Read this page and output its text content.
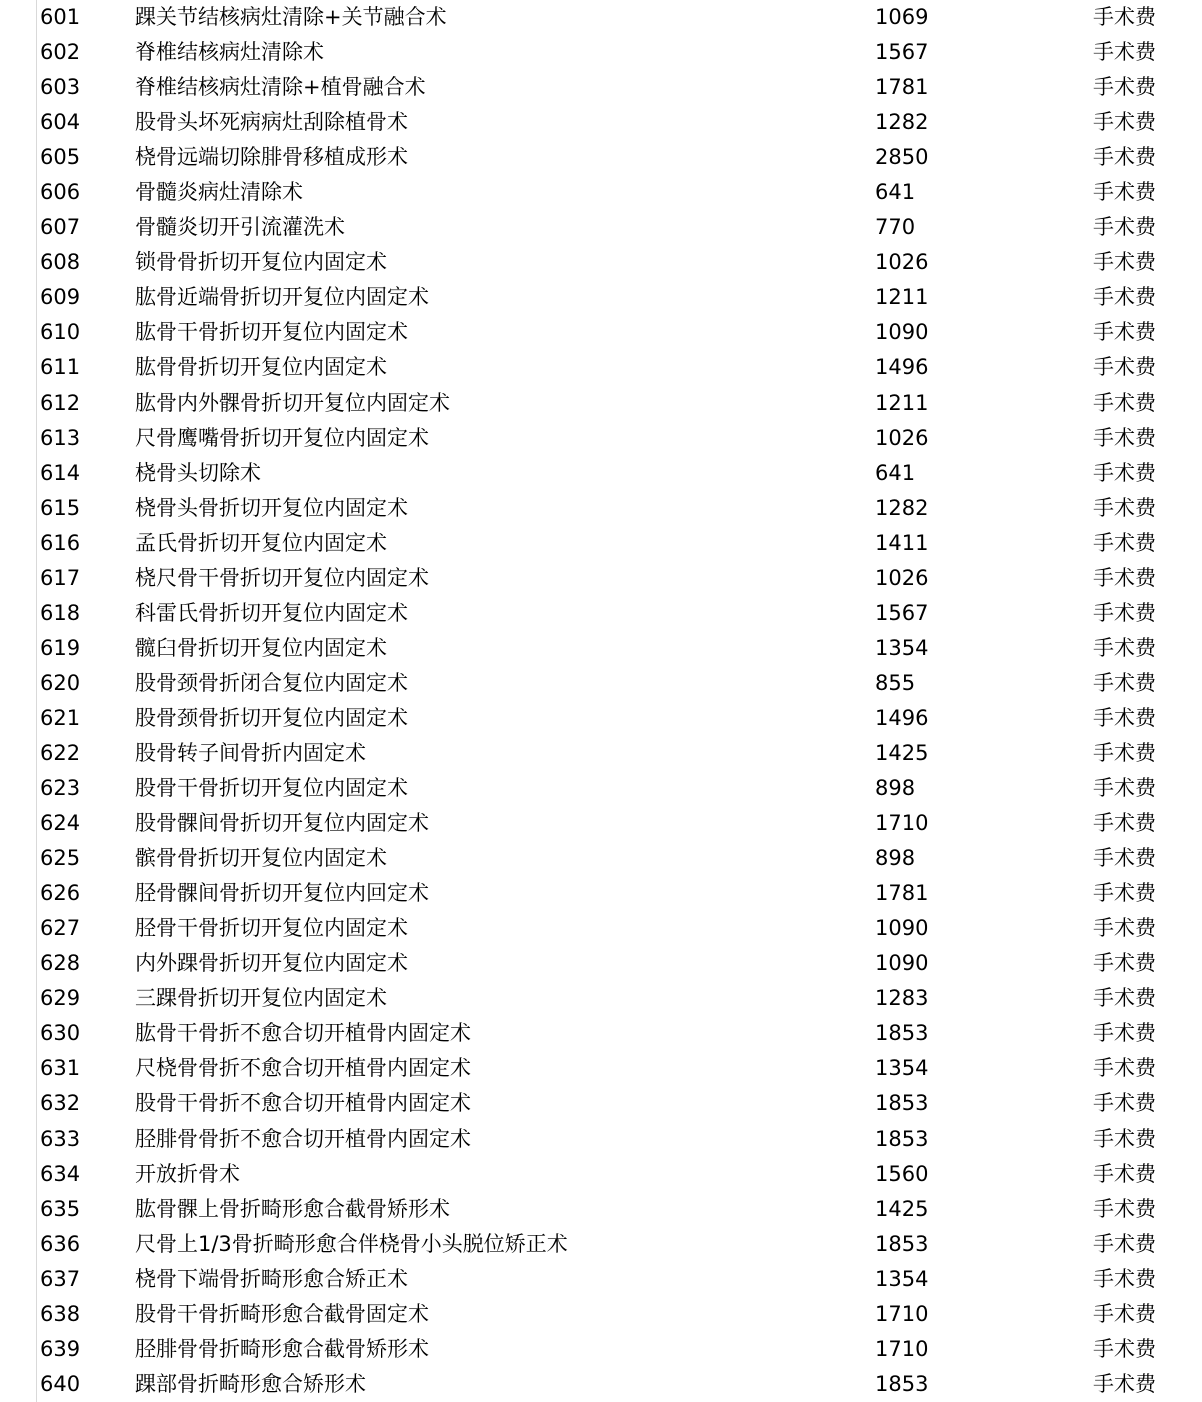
601	踝关节结核病灶清除+关节融合术	1069	手术费
602	脊椎结核病灶清除术	1567	手术费
603	脊椎结核病灶清除+植骨融合术	1781	手术费
604	股骨头坏死病病灶刮除植骨术	1282	手术费
605	桡骨远端切除腓骨移植成形术	2850	手术费
606	骨髓炎病灶清除术	641	手术费
607	骨髓炎切开引流灌洗术	770	手术费
608	锁骨骨折切开复位内固定术	1026	手术费
609	肱骨近端骨折切开复位内固定术	1211	手术费
610	肱骨干骨折切开复位内固定术	1090	手术费
611	肱骨骨折切开复位内固定术	1496	手术费
612	肱骨内外髁骨折切开复位内固定术	1211	手术费
613	尺骨鹰嘴骨折切开复位内固定术	1026	手术费
614	桡骨头切除术	641	手术费
615	桡骨头骨折切开复位内固定术	1282	手术费
616	孟氏骨折切开复位内固定术	1411	手术费
617	桡尺骨干骨折切开复位内固定术	1026	手术费
618	科雷氏骨折切开复位内固定术	1567	手术费
619	髋臼骨折切开复位内固定术	1354	手术费
620	股骨颈骨折闭合复位内固定术	855	手术费
621	股骨颈骨折切开复位内固定术	1496	手术费
622	股骨转子间骨折内固定术	1425	手术费
623	股骨干骨折切开复位内固定术	898	手术费
624	股骨髁间骨折切开复位内固定术	1710	手术费
625	髌骨骨折切开复位内固定术	898	手术费
626	胫骨髁间骨折切开复位内回定术	1781	手术费
627	胫骨干骨折切开复位内固定术	1090	手术费
628	内外踝骨折切开复位内固定术	1090	手术费
629	三踝骨折切开复位内固定术	1283	手术费
630	肱骨干骨折不愈合切开植骨内固定术	1853	手术费
631	尺桡骨骨折不愈合切开植骨内固定术	1354	手术费
632	股骨干骨折不愈合切开植骨内固定术	1853	手术费
633	胫腓骨骨折不愈合切开植骨内固定术	1853	手术费
634	开放折骨术	1560	手术费
635	肱骨髁上骨折畸形愈合截骨矫形术	1425	手术费
636	尺骨上1/3骨折畸形愈合伴桡骨小头脱位矫正术	1853	手术费
637	桡骨下端骨折畸形愈合矫正术	1354	手术费
638	股骨干骨折畸形愈合截骨固定术	1710	手术费
639	胫腓骨骨折畸形愈合截骨矫形术	1710	手术费
640	踝部骨折畸形愈合矫形术	1853	手术费
